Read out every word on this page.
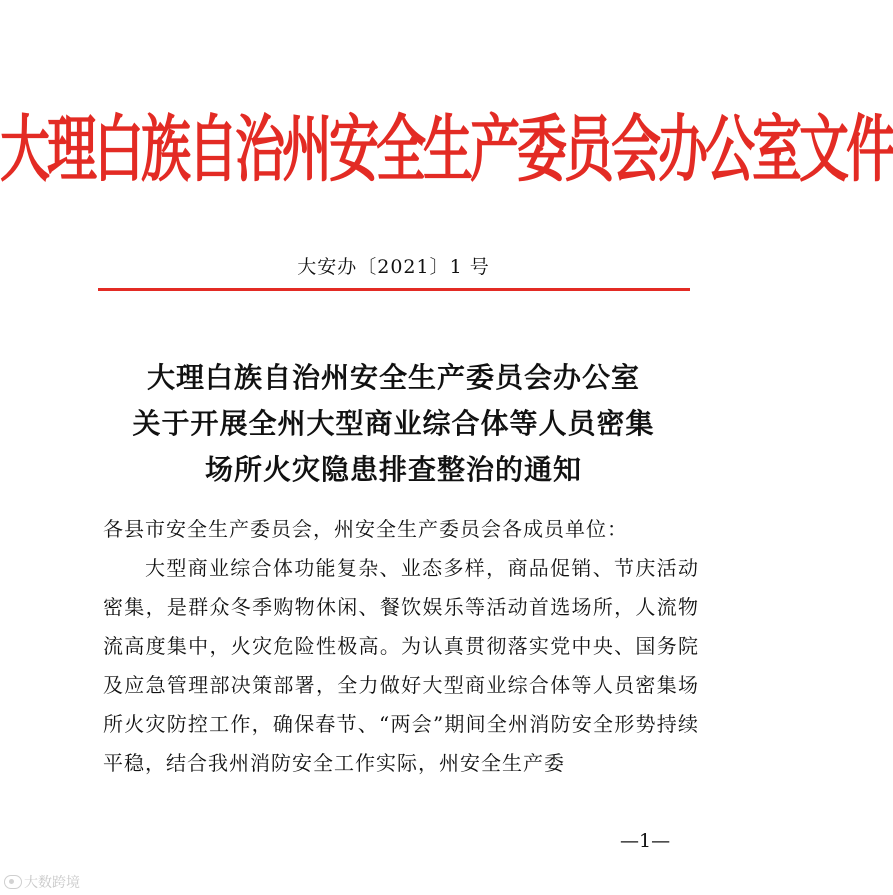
大理白族自治州安全生产委员会办公室文件
大安办〔2021〕1 号
大理白族自治州安全生产委员会办公室
关于开展全州大型商业综合体等人员密集
场所火灾隐患排查整治的通知

各县市安全生产委员会，州安全生产委员会各成员单位：

大型商业综合体功能复杂、业态多样，商品促销、节庆活动密集，是群众冬季购物休闲、餐饮娱乐等活动首选场所，人流物流高度集中，火灾危险性极高。为认真贯彻落实党中央、国务院及应急管理部决策部署，全力做好大型商业综合体等人员密集场所火灾防控工作，确保春节、“两会”期间全州消防安全形势持续平稳，结合我州消防安全工作实际，州安全生产委

—1—
大数跨境
